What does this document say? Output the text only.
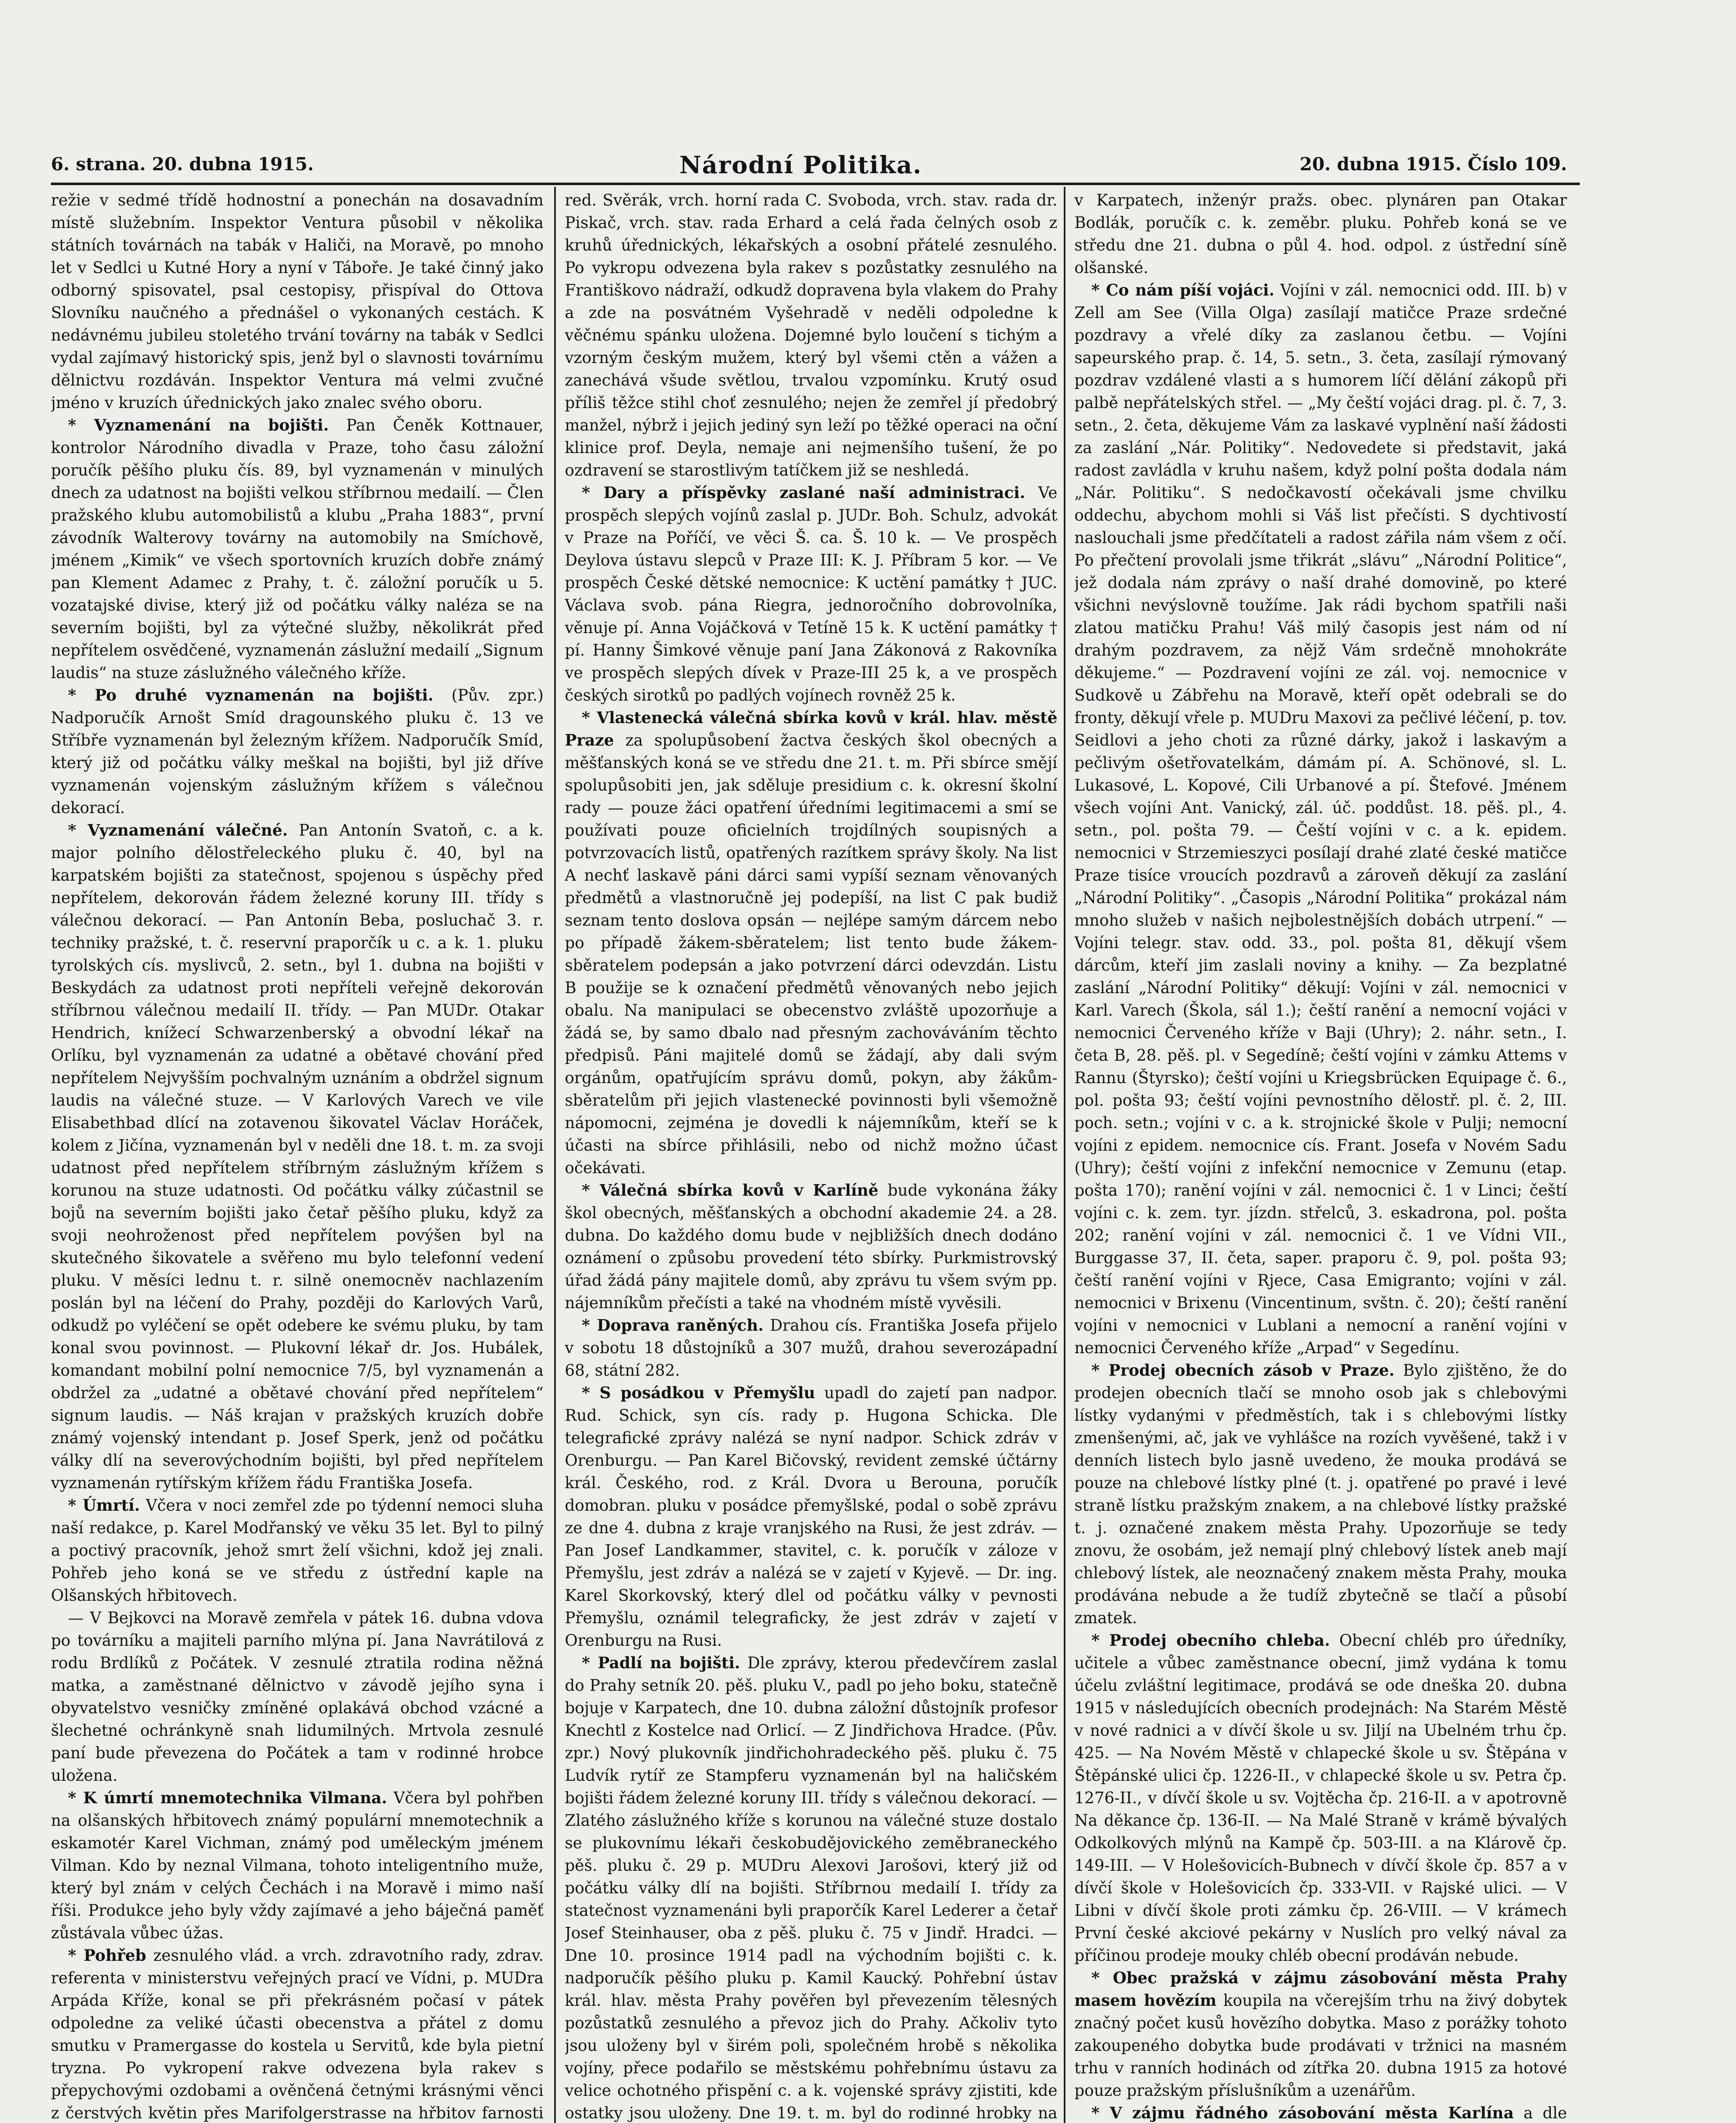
6. strana. 20. dubna 1915.	Národní Politika.	20. dubna 1915. Číslo 109.

režie v sedmé třídě hodnostní a ponechán na dosavadním místě služebním. Inspektor Ventura působil v několika státních továrnách na tabák v Haliči, na Moravě, po mnoho let v Sedlci u Kutné Hory a nyní v Táboře. Je také činný jako odborný spisovatel, psal cestopisy, přispíval do Ottova Slovníku naučného a přednášel o vykonaných cestách. K nedávnému jubileu stoletého trvání továrny na tabák v Sedlci vydal zajímavý historický spis, jenž byl o slavnosti továrnímu dělnictvu rozdáván. Inspektor Ventura má velmi zvučné jméno v kruzích úřednických jako znalec svého oboru.

* Vyznamenání na bojišti. Pan Čeněk Kottnauer, kontrolor Národního divadla v Praze, toho času záložní poručík pěšího pluku čís. 89, byl vyznamenán v minulých dnech za udatnost na bojišti velkou stříbrnou medailí. — Člen pražského klubu automobilistů a klubu „Praha 1883“, první závodník Walterovy továrny na automobily na Smíchově, jménem „Kimik“ ve všech sportovních kruzích dobře známý pan Klement Adamec z Prahy, t. č. záložní poručík u 5. vozatajské divise, který již od počátku války naléza se na severním bojišti, byl za výtečné služby, několikrát před nepřítelem osvědčené, vyznamenán záslužní medailí „Signum laudis“ na stuze záslužného válečného kříže.

* Po druhé vyznamenán na bojišti. (Pův. zpr.) Nadporučík Arnošt Smíd dragounského pluku č. 13 ve Stříbře vyznamenán byl železným křížem. Nadporučík Smíd, který již od počátku války meškal na bojišti, byl již dříve vyznamenán vojenským záslužným křížem s válečnou dekorací.

* Vyznamenání válečné. Pan Antonín Svatoň, c. a k. major polního dělostřeleckého pluku č. 40, byl na karpatském bojišti za statečnost, spojenou s úspěchy před nepřítelem, dekorován řádem železné koruny III. třídy s válečnou dekorací. — Pan Antonín Beba, posluchač 3. r. techniky pražské, t. č. reservní praporčík u c. a k. 1. pluku tyrolských cís. myslivců, 2. setn., byl 1. dubna na bojišti v Beskydách za udatnost proti nepříteli veřejně dekorován stříbrnou válečnou medailí II. třídy. — Pan MUDr. Otakar Hendrich, knížecí Schwarzenberský a obvodní lékař na Orlíku, byl vyznamenán za udatné a obětavé chování před nepřítelem Nejvyšším pochvalným uznáním a obdržel signum laudis na válečné stuze. — V Karlových Varech ve vile Elisabethbad dlící na zotavenou šikovatel Václav Horáček, kolem z Jičína, vyznamenán byl v neděli dne 18. t. m. za svoji udatnost před nepřítelem stříbrným záslužným křížem s korunou na stuze udatnosti. Od počátku války zúčastnil se bojů na severním bojišti jako četař pěšího pluku, když za svoji neohroženost před nepřítelem povýšen byl na skutečného šikovatele a svěřeno mu bylo telefonní vedení pluku. V měsíci lednu t. r. silně onemocněv nachlazením poslán byl na léčení do Prahy, později do Karlových Varů, odkudž po vyléčení se opět odebere ke svému pluku, by tam konal svou povinnost. — Plukovní lékař dr. Jos. Hubálek, komandant mobilní polní nemocnice 7/5, byl vyznamenán a obdržel za „udatné a obětavé chování před nepřítelem“ signum laudis. — Náš krajan v pražských kruzích dobře známý vojenský intendant p. Josef Sperk, jenž od počátku války dlí na severovýchodním bojišti, byl před nepřítelem vyznamenán rytířským křížem řádu Františka Josefa.

* Úmrtí. Včera v noci zemřel zde po týdenní nemoci sluha naší redakce, p. Karel Modřanský ve věku 35 let. Byl to pilný a poctivý pracovník, jehož smrt želí všichni, kdož jej znali. Pohřeb jeho koná se ve středu z ústřední kaple na Olšanských hřbitovech.

— V Bejkovci na Moravě zemřela v pátek 16. dubna vdova po továrníku a majiteli parního mlýna pí. Jana Navrátilová z rodu Brdlíků z Počátek. V zesnulé ztratila rodina něžná matka, a zaměstnané dělnictvo v závodě jejího syna i obyvatelstvo vesničky zmíněné oplakává obchod vzácné a šlechetné ochránkyně snah lidumilných. Mrtvola zesnulé paní bude převezena do Počátek a tam v rodinné hrobce uložena.

* K úmrtí mnemotechnika Vilmana. Včera byl pohřben na olšanských hřbitovech známý populární mnemotechnik a eskamotér Karel Vichman, známý pod uměleckým jménem Vilman. Kdo by neznal Vilmana, tohoto inteligentního muže, který byl znám v celých Čechách i na Moravě i mimo naší říši. Produkce jeho byly vždy zajímavé a jeho báječná paměť zůstávala vůbec úžas.

* Pohřeb zesnulého vlád. a vrch. zdravotního rady, zdrav. referenta v ministerstvu veřejných prací ve Vídni, p. MUDra Arpáda Kříže, konal se při překrásném počasí v pátek odpoledne za veliké účasti obecenstva a přátel z domu smutku v Pramergasse do kostela u Servitů, kde byla pietní tryzna. Po vykropení rakve odvezena byla rakev s přepychovými ozdobami a ověnčená četnými krásnými věnci z čerstvých květin přes Marifolgerstrasse na hřbitov farnosti

red. Svěrák, vrch. horní rada C. Svoboda, vrch. stav. rada dr. Piskač, vrch. stav. rada Erhard a celá řada čelných osob z kruhů úřednických, lékařských a osobní přátelé zesnulého. Po vykropu odvezena byla rakev s pozůstatky zesnulého na Františkovo nádraží, odkudž dopravena byla vlakem do Prahy a zde na posvátném Vyšehradě v neděli odpoledne k věčnému spánku uložena. Dojemné bylo loučení s tichým a vzorným českým mužem, který byl všemi ctěn a vážen a zanechává všude světlou, trvalou vzpomínku. Krutý osud příliš těžce stihl choť zesnulého; nejen že zemřel jí předobrý manžel, nýbrž i jejich jediný syn leží po těžké operaci na oční klinice prof. Deyla, nemaje ani nejmenšího tušení, že po ozdravení se starostlivým tatíčkem již se neshledá.

* Dary a příspěvky zaslané naší administraci. Ve prospěch slepých vojínů zaslal p. JUDr. Boh. Schulz, advokát v Praze na Poříčí, ve věci Š. ca. Š. 10 k. — Ve prospěch Deylova ústavu slepců v Praze III: K. J. Příbram 5 kor. — Ve prospěch České dětské nemocnice: K uctění památky † JUC. Václava svob. pána Riegra, jednoročního dobrovolníka, věnuje pí. Anna Vojáčková v Tetíně 15 k. K uctění památky † pí. Hanny Šimkové věnuje paní Jana Zákonová z Rakovníka ve prospěch slepých dívek v Praze-III 25 k, a ve prospěch českých sirotků po padlých vojínech rovněž 25 k.

* Vlastenecká válečná sbírka kovů v král. hlav. městě Praze za spolupůsobení žactva českých škol obecných a měšťanských koná se ve středu dne 21. t. m. Při sbírce smějí spolupůsobiti jen, jak sděluje presidium c. k. okresní školní rady — pouze žáci opatření úředními legitimacemi a smí se používati pouze oficielních trojdílných soupisných a potvrzovacích listů, opatřených razítkem správy školy. Na list A nechť laskavě páni dárci sami vypíší seznam věnovaných předmětů a vlastnoručně jej podepíší, na list C pak budiž seznam tento doslova opsán — nejlépe samým dárcem nebo po případě žákem-sběratelem; list tento bude žákem-sběratelem podepsán a jako potvrzení dárci odevzdán. Listu B použije se k označení předmětů věnovaných nebo jejich obalu. Na manipulaci se obecenstvo zvláště upozorňuje a žádá se, by samo dbalo nad přesným zachováváním těchto předpisů. Páni majitelé domů se žádají, aby dali svým orgánům, opatřujícím správu domů, pokyn, aby žákům-sběratelům při jejich vlastenecké povinnosti byli všemožně nápomocni, zejména je dovedli k nájemníkům, kteří se k účasti na sbírce přihlásili, nebo od nichž možno účast očekávati.

* Válečná sbírka kovů v Karlíně bude vykonána žáky škol obecných, měšťanských a obchodní akademie 24. a 28. dubna. Do každého domu bude v nejbližších dnech dodáno oznámení o způsobu provedení této sbírky. Purkmistrovský úřad žádá pány majitele domů, aby zprávu tu všem svým pp. nájemníkům přečísti a také na vhodném místě vyvěsili.

* Doprava raněných. Drahou cís. Františka Josefa přijelo v sobotu 18 důstojníků a 307 mužů, drahou severozápadní 68, státní 282.

* S posádkou v Přemyšlu upadl do zajetí pan nadpor. Rud. Schick, syn cís. rady p. Hugona Schicka. Dle telegrafické zprávy nalézá se nyní nadpor. Schick zdráv v Orenburgu. — Pan Karel Bičovský, revident zemské účtárny král. Českého, rod. z Král. Dvora u Berouna, poručík domobran. pluku v posádce přemyšlské, podal o sobě zprávu ze dne 4. dubna z kraje vranjského na Rusi, že jest zdráv. — Pan Josef Landkammer, stavitel, c. k. poručík v záloze v Přemyšlu, jest zdráv a nalézá se v zajetí v Kyjevě. — Dr. ing. Karel Skorkovský, který dlel od počátku války v pevnosti Přemyšlu, oznámil telegraficky, že jest zdráv v zajetí v Orenburgu na Rusi.

* Padlí na bojišti. Dle zprávy, kterou předevčírem zaslal do Prahy setník 20. pěš. pluku V., padl po jeho boku, statečně bojuje v Karpatech, dne 10. dubna záložní důstojník profesor Knechtl z Kostelce nad Orlicí. — Z Jindřichova Hradce. (Pův. zpr.) Nový plukovník jindřichohradeckého pěš. pluku č. 75 Ludvík rytíř ze Stampferu vyznamenán byl na haličském bojišti řádem železné koruny III. třídy s válečnou dekorací. — Zlatého záslužného kříže s korunou na válečné stuze dostalo se plukovnímu lékaři českobudějovického zeměbraneckého pěš. pluku č. 29 p. MUDru Alexovi Jarošovi, který již od počátku války dlí na bojišti. Stříbrnou medailí I. třídy za statečnost vyznamenáni byli praporčík Karel Lederer a četař Josef Steinhauser, oba z pěš. pluku č. 75 v Jindř. Hradci. — Dne 10. prosince 1914 padl na východním bojišti c. k. nadporučík pěšího pluku p. Kamil Kaucký. Pohřební ústav král. hlav. města Prahy pověřen byl převezením tělesných pozůstatků zesnulého a převoz jich do Prahy. Ačkoliv tyto jsou uloženy byl v širém poli, společném hrobě s několika vojíny, přece podařilo se městskému pohřebnímu ústavu za velice ochotného přispění c. a k. vojenské správy zjistiti, kde ostatky jsou uloženy. Dne 19. t. m. byl do rodinné hrobky na

v Karpatech, inženýr pražs. obec. plynáren pan Otakar Bodlák, poručík c. k. zeměbr. pluku. Pohřeb koná se ve středu dne 21. dubna o půl 4. hod. odpol. z ústřední síně olšanské.

* Co nám píší vojáci. Vojíni v zál. nemocnici odd. III. b) v Zell am See (Villa Olga) zasílají matičce Praze srdečné pozdravy a vřelé díky za zaslanou četbu. — Vojíni sapeurského prap. č. 14, 5. setn., 3. četa, zasílají rýmovaný pozdrav vzdálené vlasti a s humorem líčí dělání zákopů při palbě nepřátelských střel. — „My čeští vojáci drag. pl. č. 7, 3. setn., 2. četa, děkujeme Vám za laskavé vyplnění naší žádosti za zaslání „Nár. Politiky“. Nedovedete si představit, jaká radost zavládla v kruhu našem, když polní pošta dodala nám „Nár. Politiku“. S nedočkavostí očekávali jsme chvilku oddechu, abychom mohli si Váš list přečísti. S dychtivostí naslouchali jsme předčítateli a radost zářila nám všem z očí. Po přečtení provolali jsme třikrát „slávu“ „Národní Politice“, jež dodala nám zprávy o naší drahé domovině, po které všichni nevýslovně toužíme. Jak rádi bychom spatřili naši zlatou matičku Prahu! Váš milý časopis jest nám od ní drahým pozdravem, za nějž Vám srdečně mnohokráte děkujeme.“ — Pozdravení vojíni ze zál. voj. nemocnice v Sudkově u Zábřehu na Moravě, kteří opět odebrali se do fronty, děkují vřele p. MUDru Maxovi za pečlivé léčení, p. tov. Seidlovi a jeho choti za různé dárky, jakož i laskavým a pečlivým ošetřovatelkám, dámám pí. A. Schönové, sl. L. Lukasové, L. Kopové, Cili Urbanové a pí. Štefové. Jménem všech vojíni Ant. Vanický, zál. úč. poddůst. 18. pěš. pl., 4. setn., pol. pošta 79. — Čeští vojíni v c. a k. epidem. nemocnici v Strzemieszyci posílají drahé zlaté české matičce Praze tisíce vroucích pozdravů a zároveň děkují za zaslání „Národní Politiky“. „Časopis „Národní Politika“ prokázal nám mnoho služeb v našich nejbolestnějších dobách utrpení.“ — Vojíni telegr. stav. odd. 33., pol. pošta 81, děkují všem dárcům, kteří jim zaslali noviny a knihy. — Za bezplatné zaslání „Národní Politiky“ děkují: Vojíni v zál. nemocnici v Karl. Varech (Škola, sál 1.); čeští ranění a nemocní vojáci v nemocnici Červeného kříže v Baji (Uhry); 2. náhr. setn., I. četa B, 28. pěš. pl. v Segedíně; čeští vojíni v zámku Attems v Rannu (Štyrsko); čeští vojíni u Kriegsbrücken Equipage č. 6., pol. pošta 93; čeští vojíni pevnostního dělostř. pl. č. 2, III. poch. setn.; vojíni v c. a k. strojnické škole v Pulji; nemocní vojíni z epidem. nemocnice cís. Frant. Josefa v Novém Sadu (Uhry); čeští vojíni z infekční nemocnice v Zemunu (etap. pošta 170); ranění vojíni v zál. nemocnici č. 1 v Linci; čeští vojíni c. k. zem. tyr. jízdn. střelců, 3. eskadrona, pol. pošta 202; ranění vojíni v zál. nemocnici č. 1 ve Vídni VII., Burggasse 37, II. četa, saper. praporu č. 9, pol. pošta 93; čeští ranění vojíni v Rjece, Casa Emigranto; vojíni v zál. nemocnici v Brixenu (Vincentinum, svštn. č. 20); čeští ranění vojíni v nemocnici v Lublani a nemocní a ranění vojíni v nemocnici Červeného kříže „Arpad“ v Segedínu.

* Prodej obecních zásob v Praze. Bylo zjištěno, že do prodejen obecních tlačí se mnoho osob jak s chlebovými lístky vydanými v předměstích, tak i s chlebovými lístky zmenšenými, ač, jak ve vyhlášce na rozích vyvěšené, takž i v denních listech bylo jasně uvedeno, že mouka prodává se pouze na chlebové lístky plné (t. j. opatřené po pravé i levé straně lístku pražským znakem, a na chlebové lístky pražské t. j. označené znakem města Prahy. Upozorňuje se tedy znovu, že osobám, jež nemají plný chlebový lístek aneb mají chlebový lístek, ale neoznačený znakem města Prahy, mouka prodávána nebude a že tudíž zbytečně se tlačí a působí zmatek.

* Prodej obecního chleba. Obecní chléb pro úředníky, učitele a vůbec zaměstnance obecní, jimž vydána k tomu účelu zvláštní legitimace, prodává se ode dneška 20. dubna 1915 v následujících obecních prodejnách: Na Starém Městě v nové radnici a v dívčí škole u sv. Jiljí na Ubelném trhu čp. 425. — Na Novém Městě v chlapecké škole u sv. Štěpána v Štěpánské ulici čp. 1226-II., v chlapecké škole u sv. Petra čp. 1276-II., v dívčí škole u sv. Vojtěcha čp. 216-II. a v apotrovně Na děkance čp. 136-II. — Na Malé Straně v krámě bývalých Odkolkových mlýnů na Kampě čp. 503-III. a na Klárově čp. 149-III. — V Holešovicích-Bubnech v dívčí škole čp. 857 a v dívčí škole v Holešovicích čp. 333-VII. v Rajské ulici. — V Libni v dívčí škole proti zámku čp. 26-VIII. — V krámech První české akciové pekárny v Nuslích pro velký nával za příčinou prodeje mouky chléb obecní prodáván nebude.

* Obec pražská v zájmu zásobování města Prahy masem hovězím koupila na včerejším trhu na živý dobytek značný počet kusů hovězího dobytka. Maso z porážky tohoto zakoupeného dobytka bude prodávati v tržnici na masném trhu v ranních hodinách od zítřka 20. dubna 1915 za hotové pouze pražským příslušníkům a uzenářům.

* V zájmu řádného zásobování města Karlína a dle
